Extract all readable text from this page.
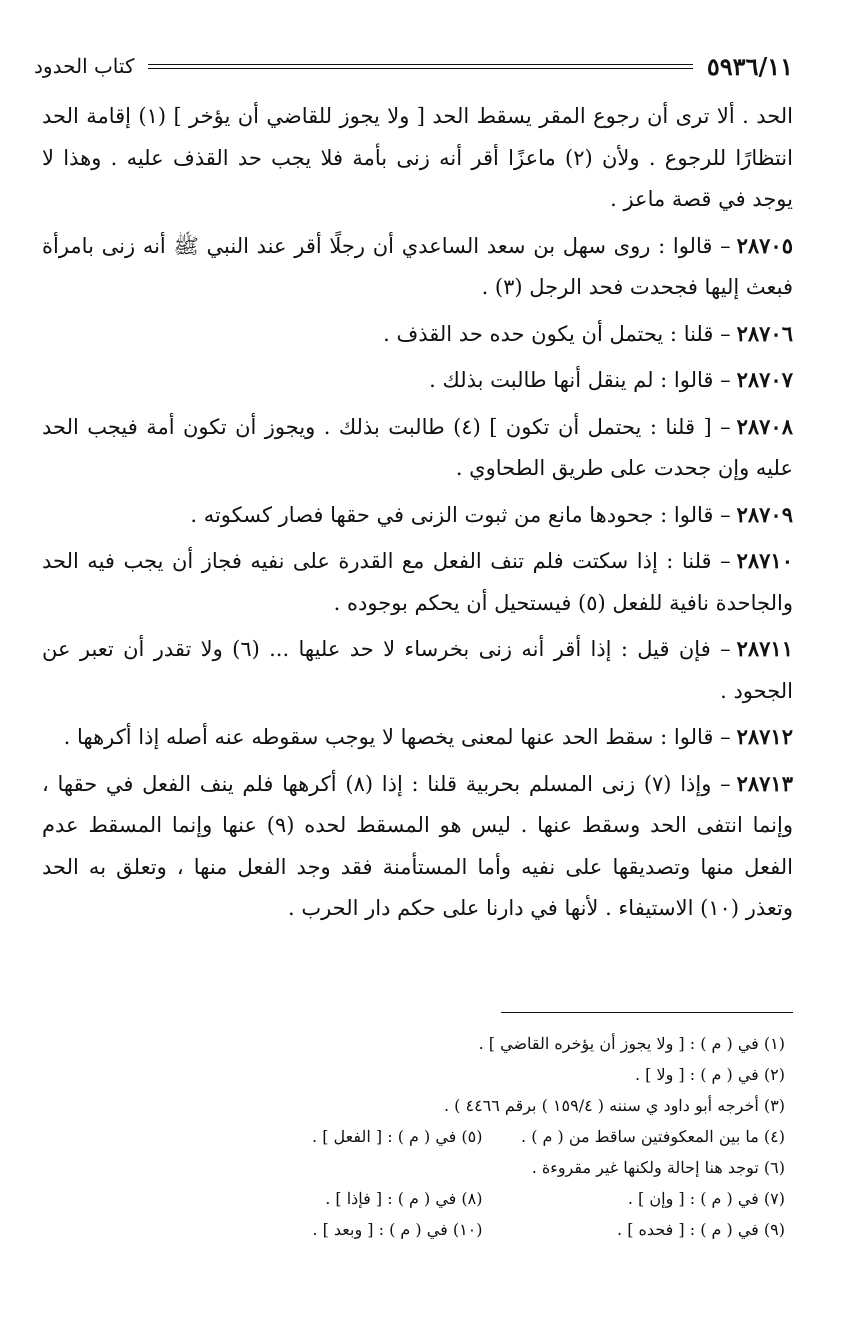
٥٩٣٦/١١
كتاب الحدود

الحد . ألا ترى أن رجوع المقر يسقط الحد [ ولا يجوز للقاضي أن يؤخر ] (١) إقامة الحد انتظارًا للرجوع . ولأن (٢) ماعزًا أقر أنه زنى بأمة فلا يجب حد القذف عليه . وهذا لا يوجد في قصة ماعز .

٢٨٧٠٥– قالوا : روى سهل بن سعد الساعدي أن رجلًا أقر عند النبي ﷺ أنه زنى بامرأة فبعث إليها فجحدت فحد الرجل (٣) .

٢٨٧٠٦– قلنا : يحتمل أن يكون حده حد القذف .

٢٨٧٠٧– قالوا : لم ينقل أنها طالبت بذلك .

٢٨٧٠٨– [ قلنا : يحتمل أن تكون ] (٤) طالبت بذلك . ويجوز أن تكون أمة فيجب الحد عليه وإن جحدت على طريق الطحاوي .

٢٨٧٠٩– قالوا : جحودها مانع من ثبوت الزنى في حقها فصار كسكوته .

٢٨٧١٠– قلنا : إذا سكتت فلم تنف الفعل مع القدرة على نفيه فجاز أن يجب فيه الحد والجاحدة نافية للفعل (٥) فيستحيل أن يحكم بوجوده .

٢٨٧١١– فإن قيل : إذا أقر أنه زنى بخرساء لا حد عليها ... (٦) ولا تقدر أن تعبر عن الجحود .

٢٨٧١٢– قالوا : سقط الحد عنها لمعنى يخصها لا يوجب سقوطه عنه أصله إذا أكرهها .

٢٨٧١٣– وإذا (٧) زنى المسلم بحربية قلنا : إذا (٨) أكرهها فلم ينف الفعل في حقها ، وإنما انتفى الحد وسقط عنها . ليس هو المسقط لحده (٩) عنها وإنما المسقط عدم الفعل منها وتصديقها على نفيه وأما المستأمنة فقد وجد الفعل منها ، وتعلق به الحد وتعذر (١٠) الاستيفاء . لأنها في دارنا على حكم دار الحرب .

(١) في ( م ) : [ ولا يجوز أن يؤخره القاضي ] .
(٢) في ( م ) : [ ولا ] .
(٣) أخرجه أبو داود ي سننه ( ١٥٩/٤ ) برقم ٤٤٦٦ ) .
(٤) ما بين المعكوفتين ساقط من ( م ) .
(٥) في ( م ) : [ الفعل ] .
(٦) توجد هنا إحالة ولكنها غير مقروءة .
(٧) في ( م ) : [ وإن ] .
(٨) في ( م ) : [ فإذا ] .
(٩) في ( م ) : [ فحده ] .
(١٠) في ( م ) : [ وبعد ] .
